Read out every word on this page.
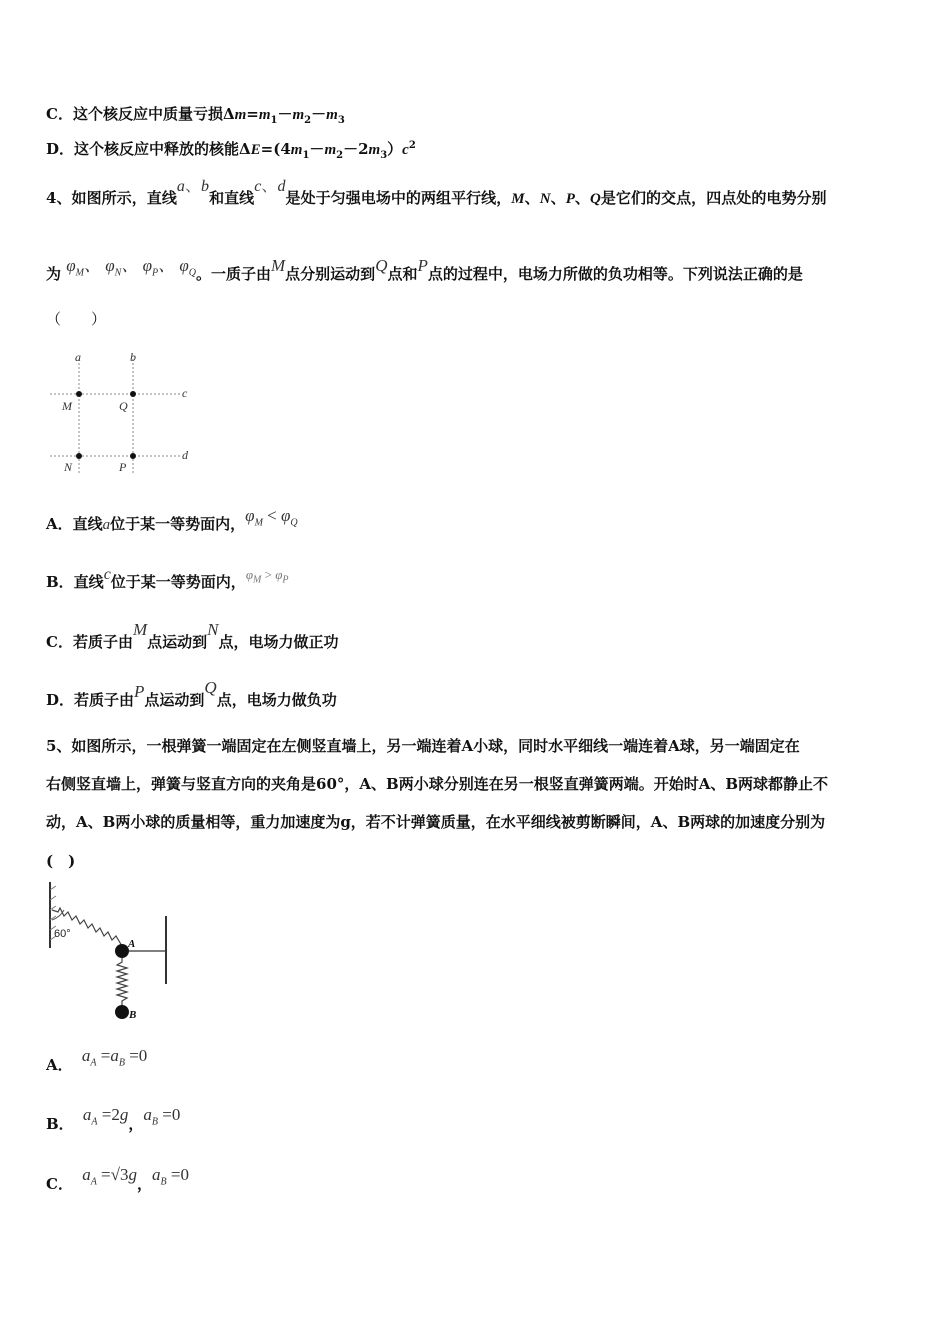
C．这个核反应中质量亏损$\Delta m=m_1-m_2-m_3$
D．这个核反应中释放的核能$\Delta E=(4m_1-m_2-2m_3)c^2$
4、如图所示，直线a、b和直线c、d是处于匀强电场中的两组平行线，M、N、P、Q是它们的交点，四点处的电势分别
为 $\varphi_M$、 $\varphi_N$、 $\varphi_P$、 $\varphi_Q$。一质子由M点分别运动到Q点和P点的过程中，电场力所做的负功相等。下列说法正确的是
（　　）
a	b
c
d
M	Q
N	P
A．直线a位于某一等势面内，$\varphi_M < \varphi_Q$
B．直线c位于某一等势面内，$\varphi_M > \varphi_P$
C．若质子由M点运动到N点，电场力做正功
D．若质子由P点运动到Q点，电场力做负功
5、如图所示，一根弹簧一端固定在左侧竖直墙上，另一端连着A小球，同时水平细线一端连着A球，另一端固定在
右侧竖直墙上，弹簧与竖直方向的夹角是60°，A、B两小球分别连在另一根竖直弹簧两端。开始时A、B两球都静止不
动，A、B两小球的质量相等，重力加速度为g，若不计弹簧质量，在水平细线被剪断瞬间，A、B两球的加速度分别为
(　)
60°
A
B
A． $a_A =a_B =0$
B． $a_A =2g$，$a_B =0$
C． $a_A =√3g$，$a_B =0$
